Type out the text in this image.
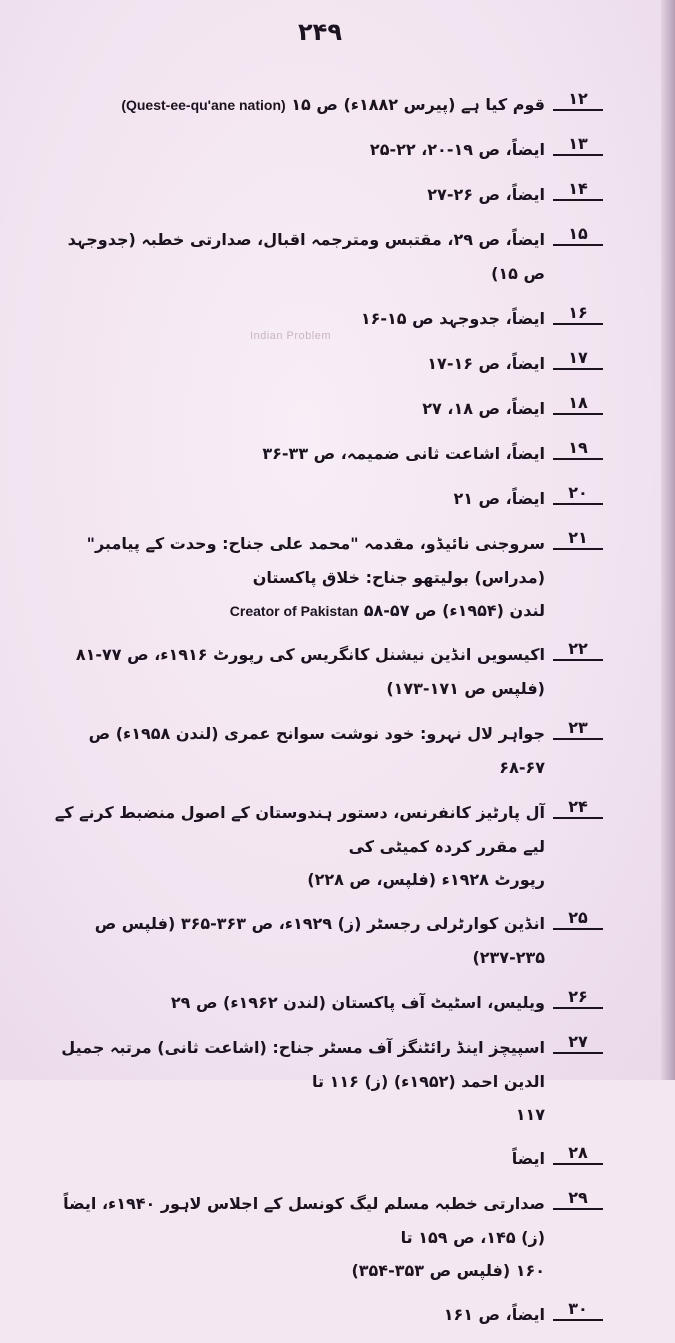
Indian Problem
۲۴۹
۱۲
قوم کیا ہے (پیرس ۱۸۸۲ء) ص ۱۵ (Quest-ee-qu'ane nation)
۱۳
ایضاً، ص ۱۹-۲۰، ۲۲-۲۵
۱۴
ایضاً، ص ۲۶-۲۷
۱۵
ایضاً، ص ۲۹، مقتبس ومترجمہ اقبال، صدارتی خطبہ (جدوجہد ص ۱۵)
۱۶
ایضاً، جدوجہد ص ۱۵-۱۶
۱۷
ایضاً، ص ۱۶-۱۷
۱۸
ایضاً، ص ۱۸، ۲۷
۱۹
ایضاً، اشاعت ثانی ضمیمہ، ص ۳۳-۳۶
۲۰
ایضاً، ص ۲۱
۲۱
سروجنی نائیڈو، مقدمہ "محمد علی جناح: وحدت کے پیامبر" (مدراس) بولیتھو جناح: خلاق پاکستان
لندن (۱۹۵۴ء) ص ۵۷-۵۸ Creator of Pakistan
۲۲
اکیسویں انڈین نیشنل کانگریس کی رپورٹ ۱۹۱۶ء، ص ۷۷-۸۱ (فلپس ص ۱۷۱-۱۷۳)
۲۳
جواہر لال نہرو: خود نوشت سوانح عمری (لندن ۱۹۵۸ء) ص ۶۷-۶۸
۲۴
آل پارٹیز کانفرنس، دستور ہندوستان کے اصول منضبط کرنے کے لیے مقرر کردہ کمیٹی کی
رپورٹ ۱۹۲۸ء (فلپس، ص ۲۲۸)
۲۵
انڈین کوارٹرلی رجسٹر (ز) ۱۹۲۹ء، ص ۳۶۳-۳۶۵ (فلپس ص ۲۳۵-۲۳۷)
۲۶
ویلیس، اسٹیٹ آف پاکستان (لندن ۱۹۶۲ء) ص ۲۹
۲۷
اسپیچز اینڈ رائٹنگز آف مسٹر جناح: (اشاعت ثانی) مرتبہ جمیل الدین احمد (۱۹۵۲ء) (ز) ۱۱۶ تا
۱۱۷
۲۸
ایضاً
۲۹
صدارتی خطبہ مسلم لیگ کونسل کے اجلاس لاہور ۱۹۴۰ء، ایضاً (ز) ۱۴۵، ص ۱۵۹ تا
۱۶۰ (فلپس ص ۳۵۳-۳۵۴)
۳۰
ایضاً، ص ۱۶۱
